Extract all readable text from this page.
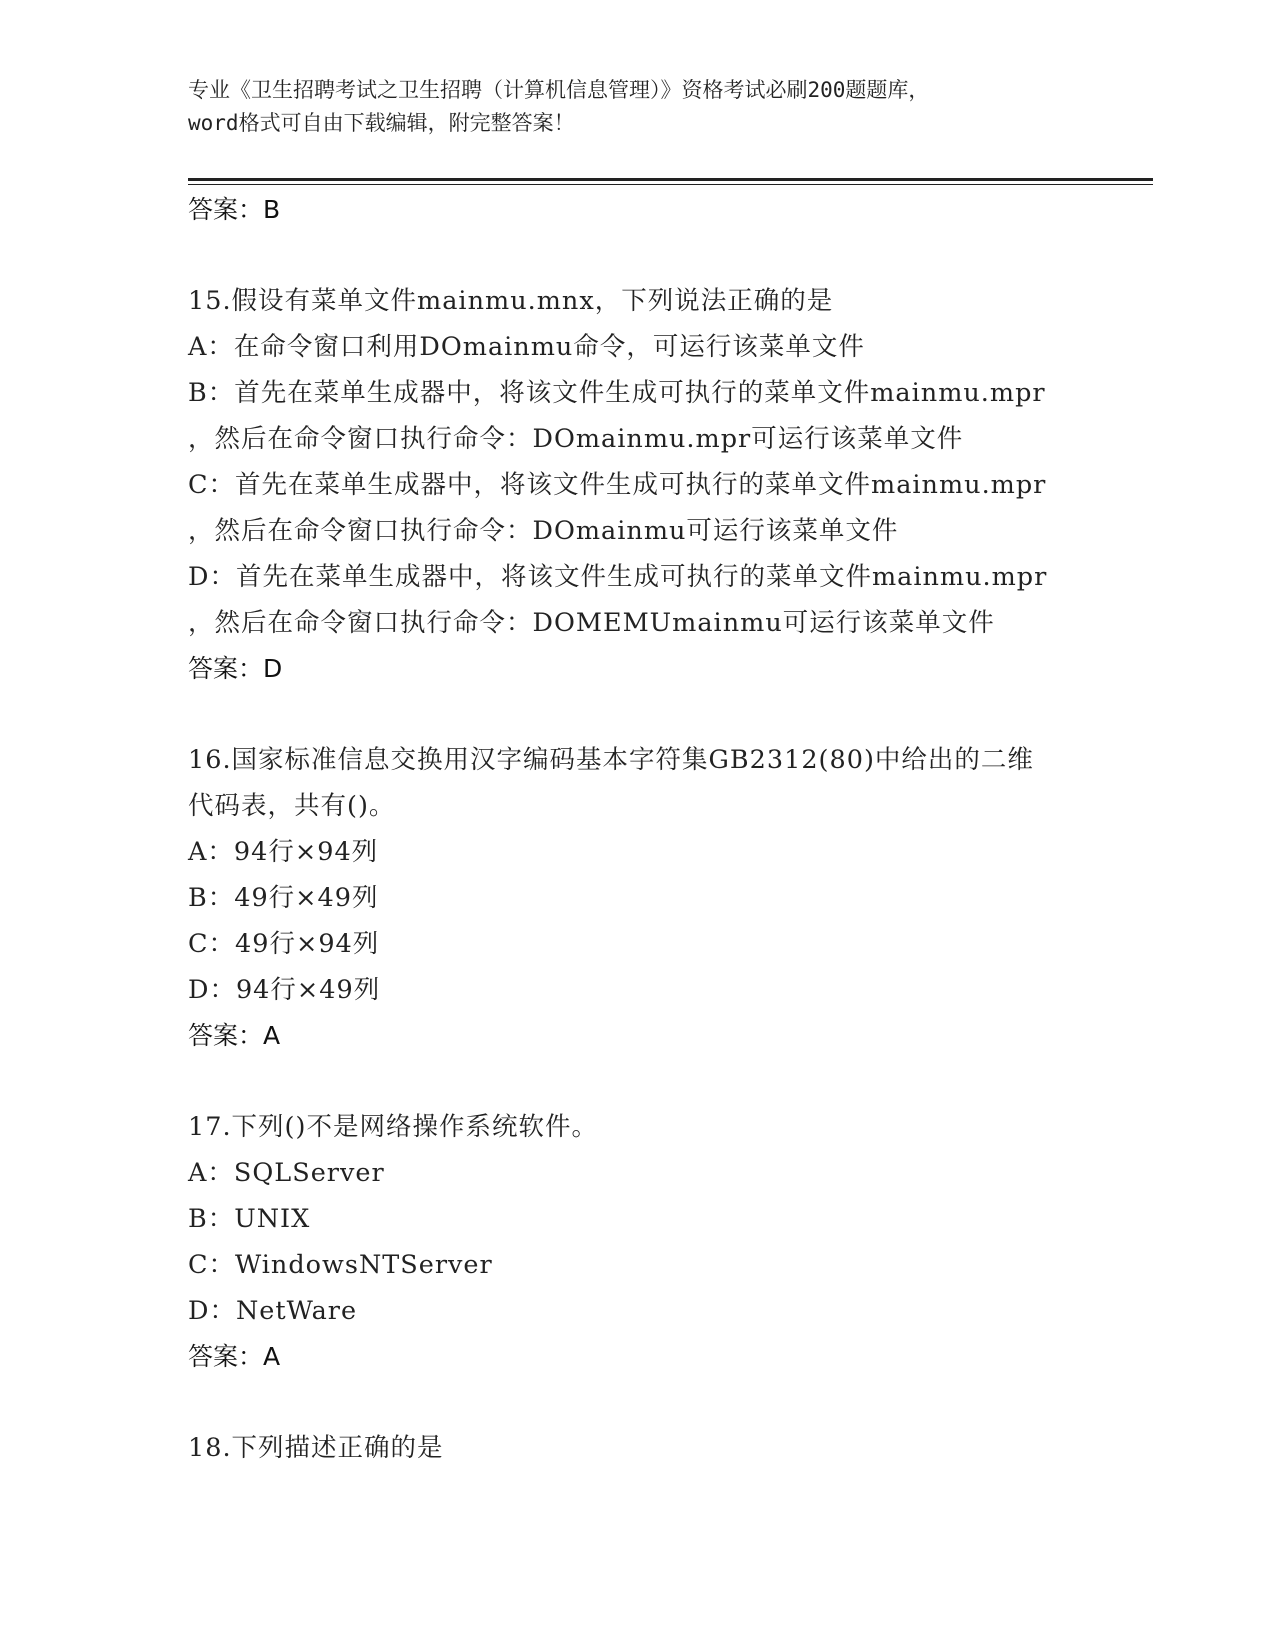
专业《卫生招聘考试之卫生招聘（计算机信息管理）》资格考试必刷200题题库，
word格式可自由下载编辑，附完整答案！
答案：B
15.假设有菜单文件mainmu.mnx，下列说法正确的是
A：在命令窗口利用DOmainmu命令，可运行该菜单文件
B：首先在菜单生成器中，将该文件生成可执行的菜单文件mainmu.mpr
，然后在命令窗口执行命令：DOmainmu.mpr可运行该菜单文件
C：首先在菜单生成器中，将该文件生成可执行的菜单文件mainmu.mpr
，然后在命令窗口执行命令：DOmainmu可运行该菜单文件
D：首先在菜单生成器中，将该文件生成可执行的菜单文件mainmu.mpr
，然后在命令窗口执行命令：DOMEMUmainmu可运行该菜单文件
答案：D
16.国家标准信息交换用汉字编码基本字符集GB2312(80)中给出的二维
代码表，共有()。
A：94行×94列
B：49行×49列
C：49行×94列
D：94行×49列
答案：A
17.下列()不是网络操作系统软件。
A：SQLServer
B：UNIX
C：WindowsNTServer
D：NetWare
答案：A
18.下列描述正确的是
